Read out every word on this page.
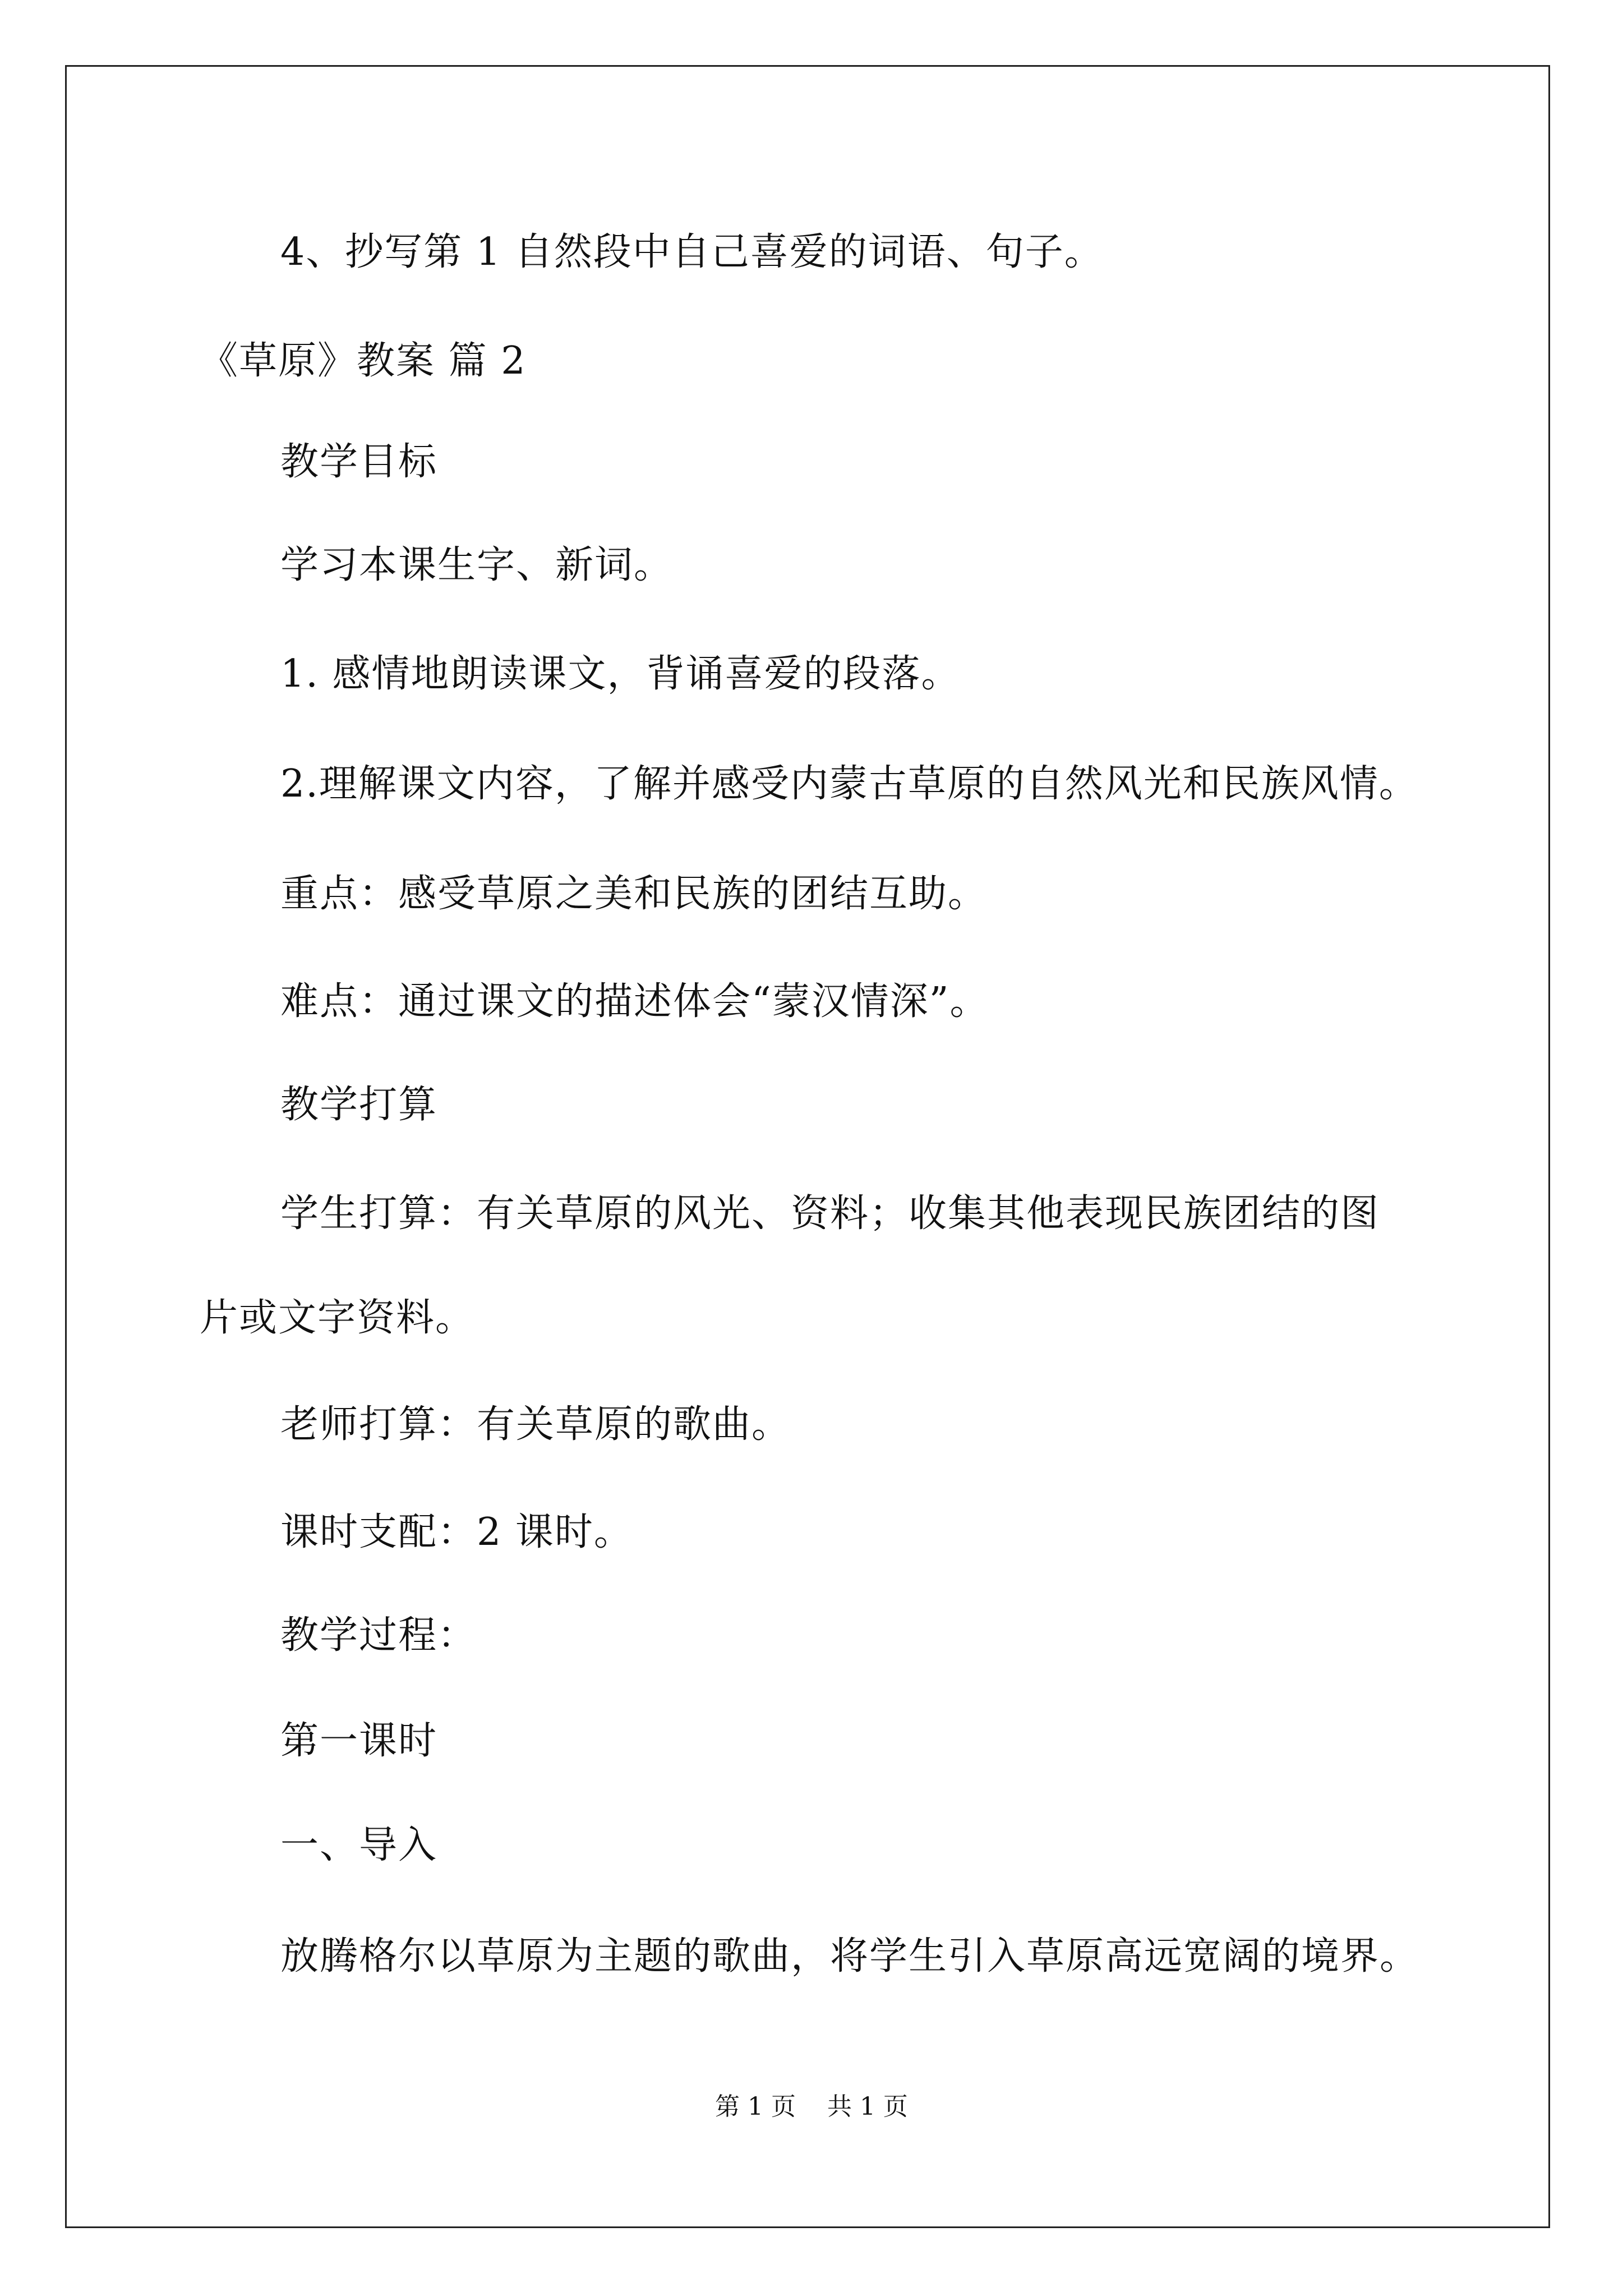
4、抄写第 1 自然段中自己喜爱的词语、句子。
《草原》教案 篇 2
教学目标
学习本课生字、新词。
1. 感情地朗读课文，背诵喜爱的段落。
2.理解课文内容，了解并感受内蒙古草原的自然风光和民族风情。
重点：感受草原之美和民族的团结互助。
难点：通过课文的描述体会“蒙汉情深”。
教学打算
学生打算：有关草原的风光、资料；收集其他表现民族团结的图
片或文字资料。
老师打算：有关草原的歌曲。
课时支配：2 课时。
教学过程：
第一课时
一、导入
放腾格尔以草原为主题的歌曲，将学生引入草原高远宽阔的境界。
第 1 页    共 1 页
